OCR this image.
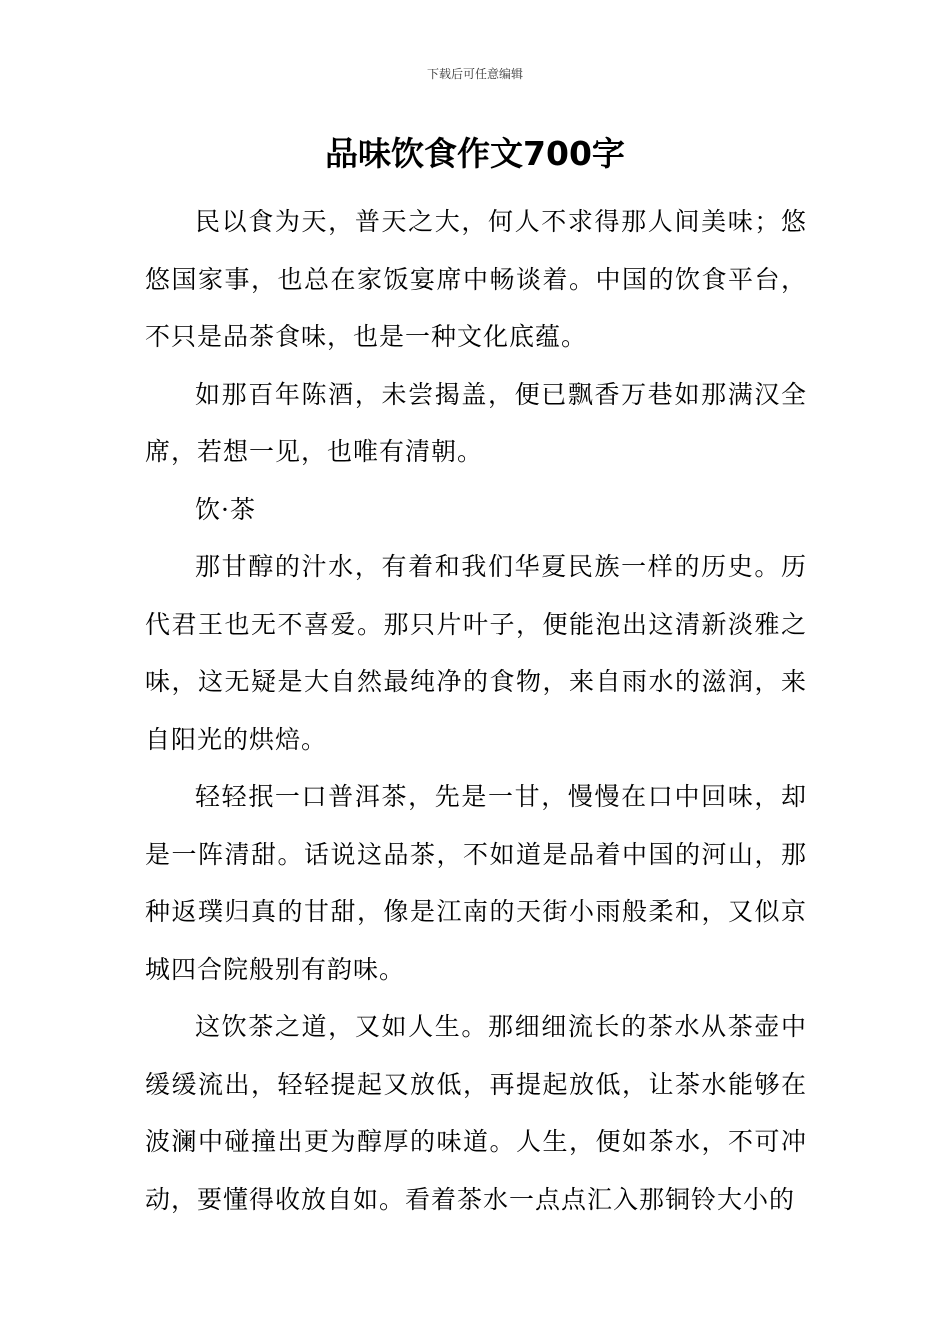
下载后可任意编辑
品味饮食作文700字

民以食为天，普天之大，何人不求得那人间美味；悠悠国家事，也总在家饭宴席中畅谈着。中国的饮食平台，不只是品茶食味，也是一种文化底蕴。

如那百年陈酒，未尝揭盖，便已飘香万巷如那满汉全席，若想一见，也唯有清朝。

饮·茶

那甘醇的汁水，有着和我们华夏民族一样的历史。历代君王也无不喜爱。那只片叶子，便能泡出这清新淡雅之味，这无疑是大自然最纯净的食物，来自雨水的滋润，来自阳光的烘焙。

轻轻抿一口普洱茶，先是一甘，慢慢在口中回味，却是一阵清甜。话说这品茶，不如道是品着中国的河山，那种返璞归真的甘甜，像是江南的天街小雨般柔和，又似京城四合院般别有韵味。

这饮茶之道，又如人生。那细细流长的茶水从茶壶中缓缓流出，轻轻提起又放低，再提起放低，让茶水能够在波澜中碰撞出更为醇厚的味道。人生，便如茶水，不可冲动，要懂得收放自如。看着茶水一点点汇入那铜铃大小的
